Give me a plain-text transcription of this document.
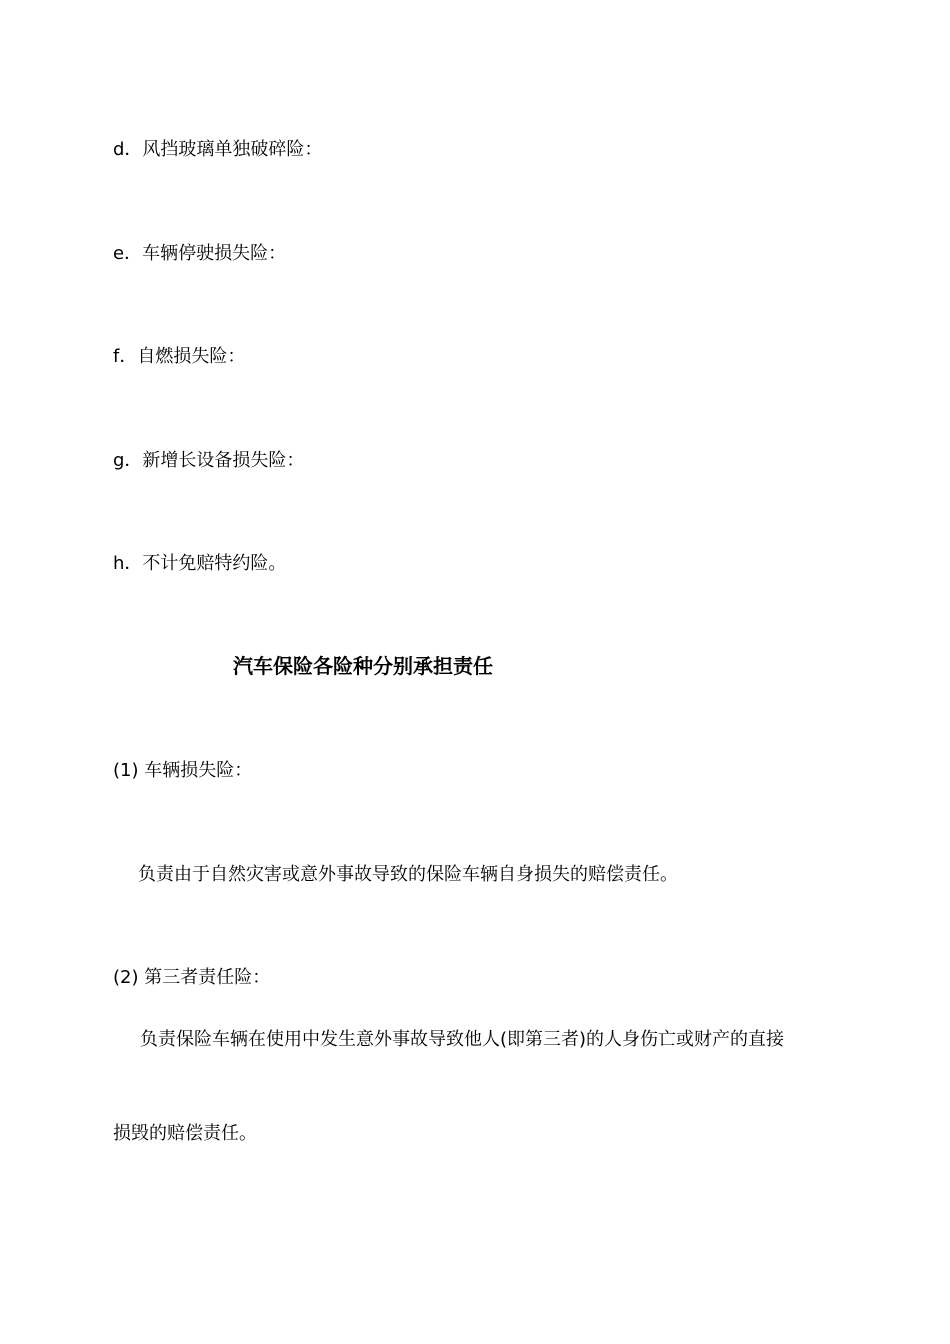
d．风挡玻璃单独破碎险：
e．车辆停驶损失险：
f．自燃损失险：
g．新增长设备损失险：
h．不计免赔特约险。
汽车保险各险种分别承担责任
(1) 车辆损失险：
负责由于自然灾害或意外事故导致的保险车辆自身损失的赔偿责任。
(2) 第三者责任险：
负责保险车辆在使用中发生意外事故导致他人(即第三者)的人身伤亡或财产的直接
损毁的赔偿责任。
